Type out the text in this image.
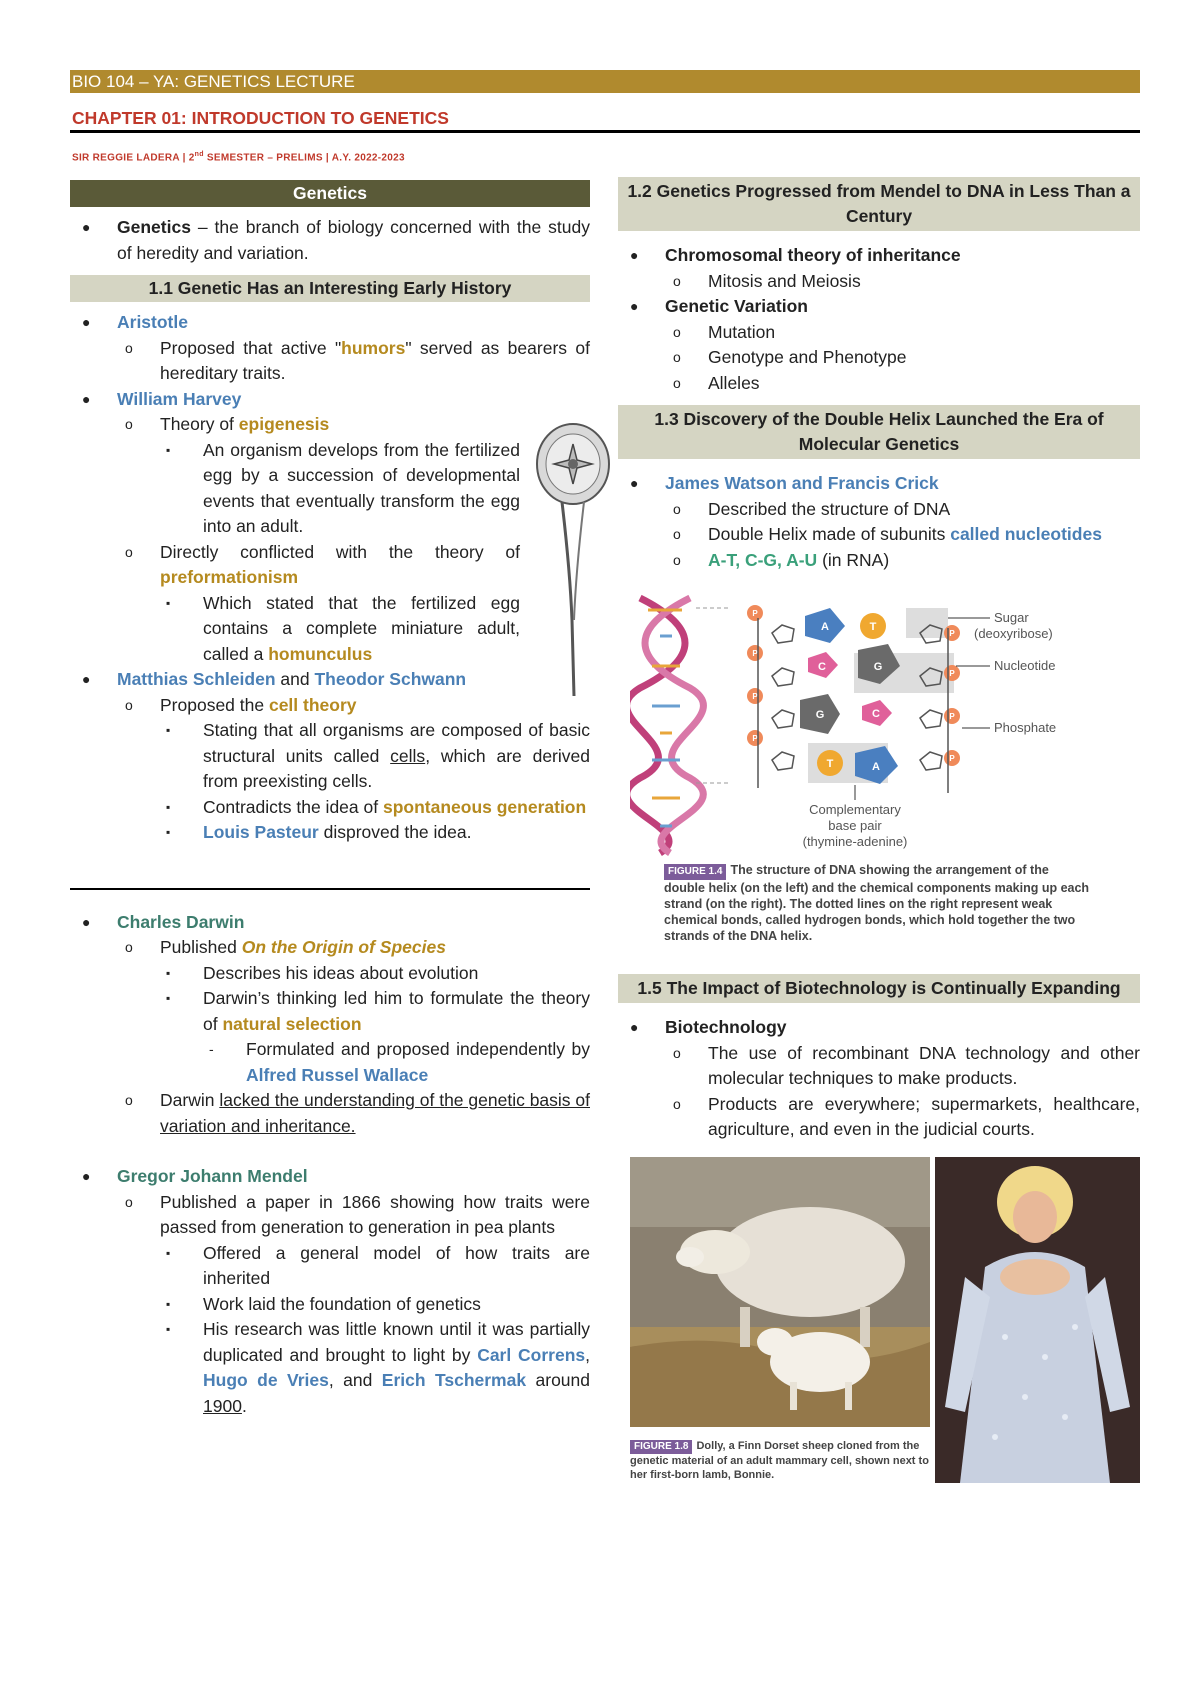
BIO 104 – YA: GENETICS LECTURE
CHAPTER 01: INTRODUCTION TO GENETICS
SIR REGGIE LADERA | 2nd SEMESTER – PRELIMS | A.Y. 2022-2023
Genetics
● Genetics – the branch of biology concerned with the study of heredity and variation.
1.1 Genetic Has an Interesting Early History
● Aristotle
o Proposed that active "humors" served as bearers of hereditary traits.
● William Harvey
o Theory of epigenesis
▪ An organism develops from the fertilized egg by a succession of developmental events that eventually transform the egg into an adult.
o Directly conflicted with the theory of preformationism
▪ Which stated that the fertilized egg contains a complete miniature adult, called a homunculus
● Matthias Schleiden and Theodor Schwann
o Proposed the cell theory
▪ Stating that all organisms are composed of basic structural units called cells, which are derived from preexisting cells.
▪ Contradicts the idea of spontaneous generation
▪ Louis Pasteur disproved the idea.
● Charles Darwin
o Published On the Origin of Species
▪ Describes his ideas about evolution
▪ Darwin’s thinking led him to formulate the theory of natural selection
- Formulated and proposed independently by Alfred Russel Wallace
o Darwin lacked the understanding of the genetic basis of variation and inheritance.
● Gregor Johann Mendel
o Published a paper in 1866 showing how traits were passed from generation to generation in pea plants
▪ Offered a general model of how traits are inherited
▪ Work laid the foundation of genetics
▪ His research was little known until it was partially duplicated and brought to light by Carl Correns, Hugo de Vries, and Erich Tschermak around 1900.
1.2 Genetics Progressed from Mendel to DNA in Less Than a Century
● Chromosomal theory of inheritance
o Mitosis and Meiosis
● Genetic Variation
o Mutation
o Genotype and Phenotype
o Alleles
1.3 Discovery of the Double Helix Launched the Era of Molecular Genetics
● James Watson and Francis Crick
o Described the structure of DNA
o Double Helix made of subunits called nucleotides
o A-T, C-G, A-U (in RNA)
P
P
P
P
P
P
P
P
A	T
C	G
G	C
T	A
Sugar
(deoxyribose)
Nucleotide
Phosphate
Complementary
base pair
(thymine-adenine)
FIGURE 1.4 The structure of DNA showing the arrangement of the double helix (on the left) and the chemical components making up each strand (on the right). The dotted lines on the right represent weak chemical bonds, called hydrogen bonds, which hold together the two strands of the DNA helix.
1.5 The Impact of Biotechnology is Continually Expanding
● Biotechnology
o The use of recombinant DNA technology and other molecular techniques to make products.
o Products are everywhere; supermarkets, healthcare, agriculture, and even in the judicial courts.
FIGURE 1.8 Dolly, a Finn Dorset sheep cloned from the genetic material of an adult mammary cell, shown next to her first-born lamb, Bonnie.
